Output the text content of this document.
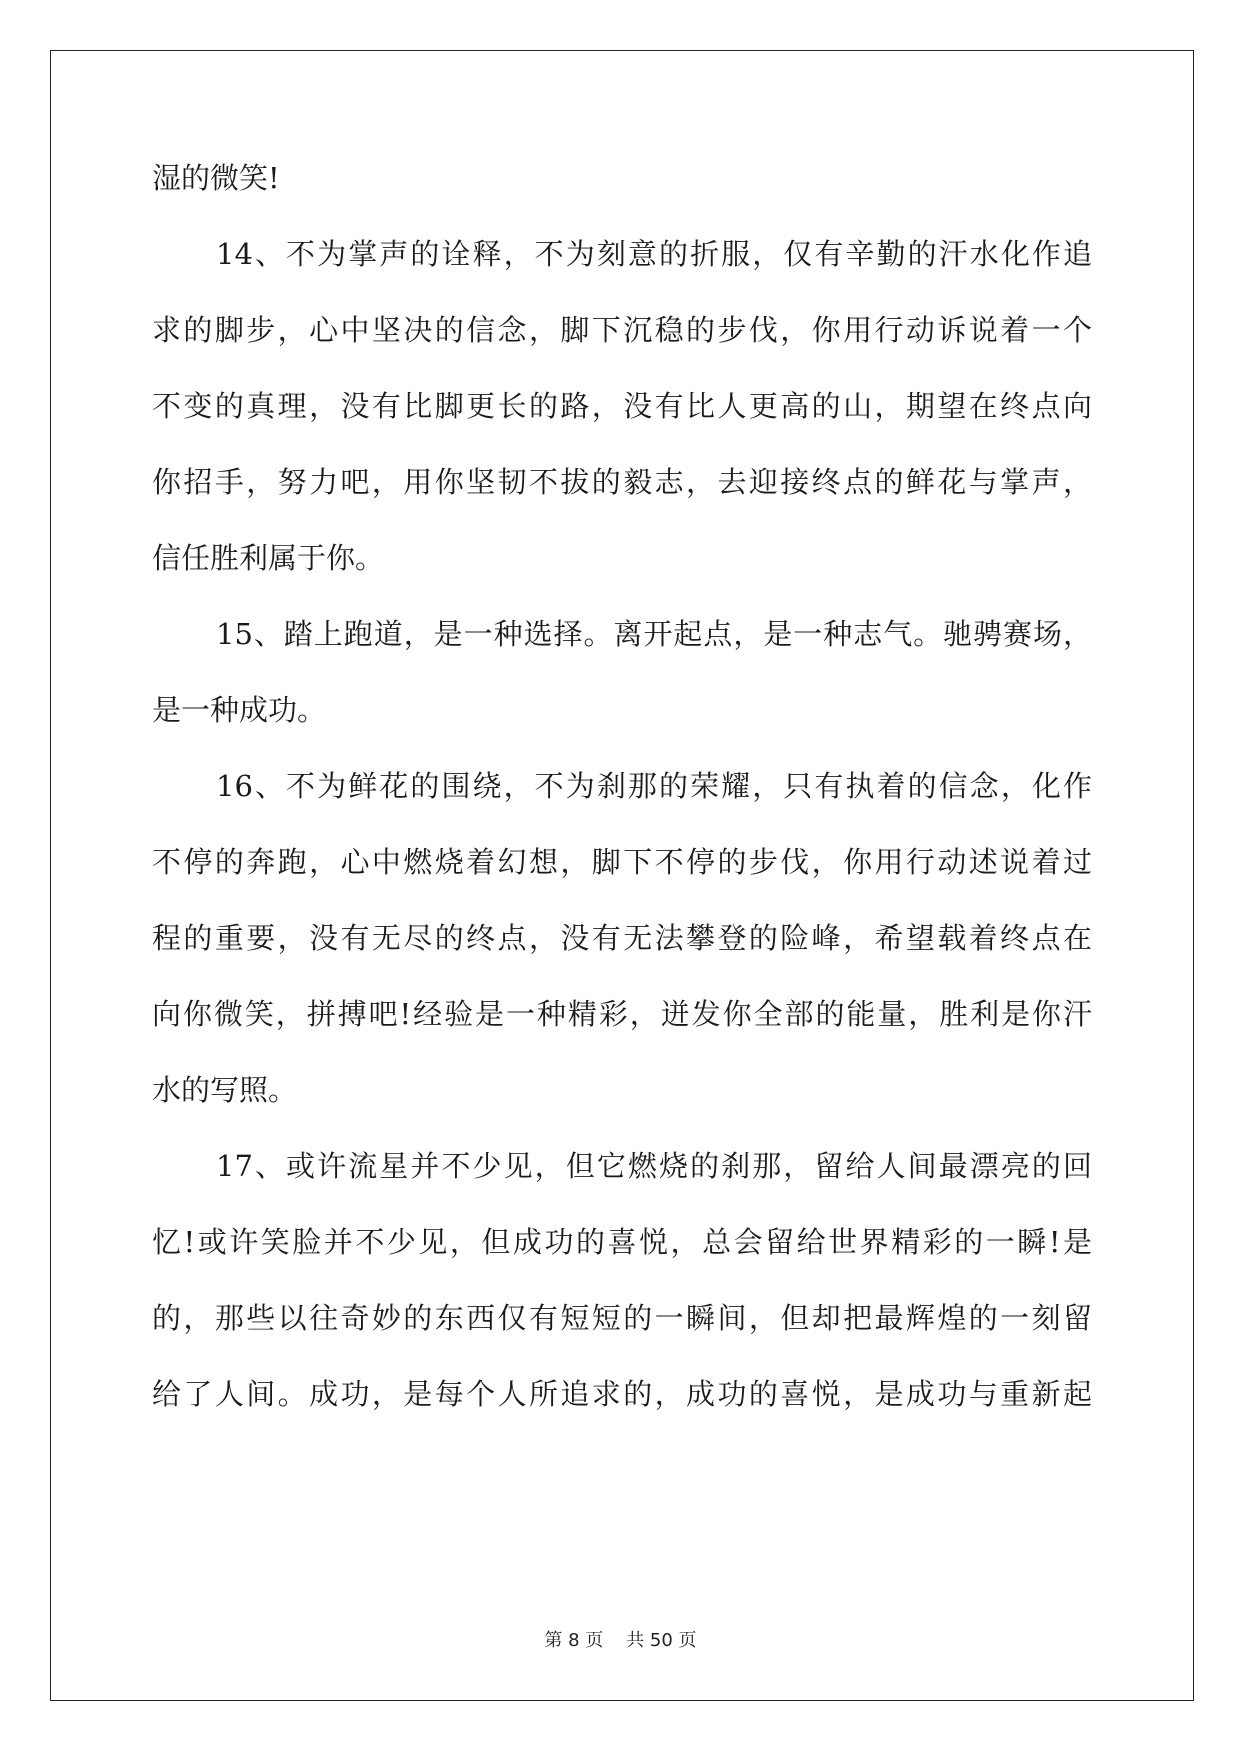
湿的微笑!
14、不为掌声的诠释，不为刻意的折服，仅有辛勤的汗水化作追
求的脚步，心中坚决的信念，脚下沉稳的步伐，你用行动诉说着一个
不变的真理，没有比脚更长的路，没有比人更高的山，期望在终点向
你招手，努力吧，用你坚韧不拔的毅志，去迎接终点的鲜花与掌声，
信任胜利属于你。
15、踏上跑道，是一种选择。离开起点，是一种志气。驰骋赛场，
是一种成功。
16、不为鲜花的围绕，不为刹那的荣耀，只有执着的信念，化作
不停的奔跑，心中燃烧着幻想，脚下不停的步伐，你用行动述说着过
程的重要，没有无尽的终点，没有无法攀登的险峰，希望载着终点在
向你微笑，拼搏吧!经验是一种精彩，迸发你全部的能量，胜利是你汗
水的写照。
17、或许流星并不少见，但它燃烧的刹那，留给人间最漂亮的回
忆!或许笑脸并不少见，但成功的喜悦，总会留给世界精彩的一瞬!是
的，那些以往奇妙的东西仅有短短的一瞬间，但却把最辉煌的一刻留
给了人间。成功，是每个人所追求的，成功的喜悦，是成功与重新起
第 8 页    共 50 页
